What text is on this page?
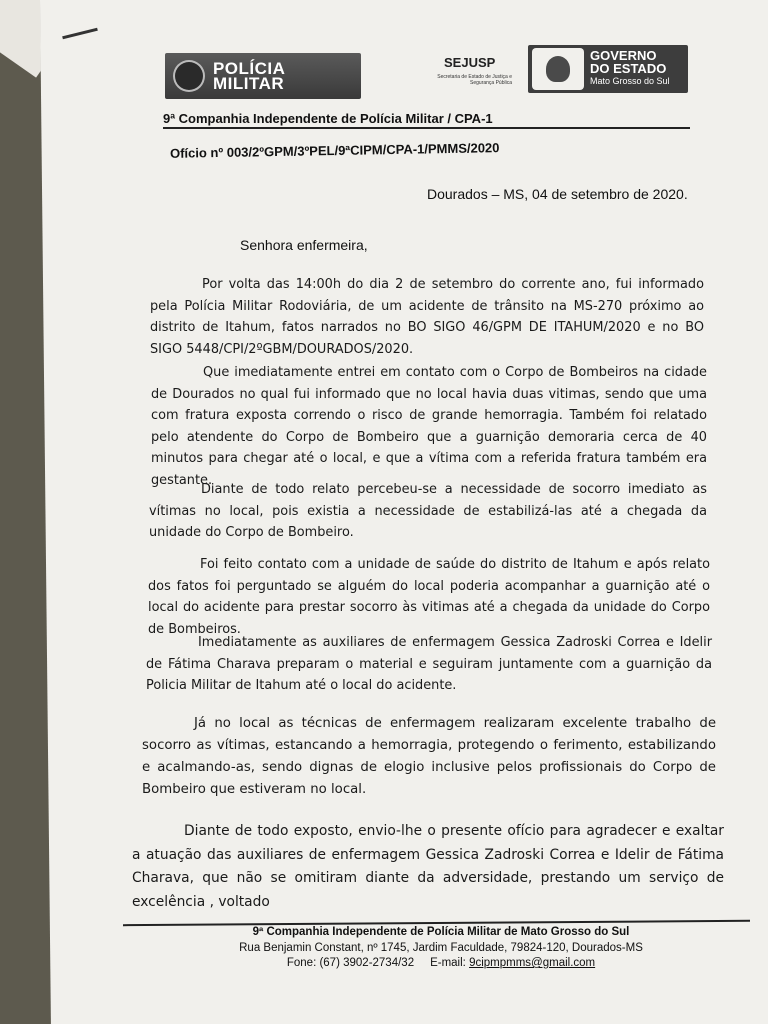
POLÍCIA MILITAR
SEJUSP
Secretaria de Estado de Justiça e Segurança Pública
GOVERNO
DO ESTADO
Mato Grosso do Sul
9ª Companhia Independente de Polícia Militar / CPA-1
Ofício nº 003/2ºGPM/3ºPEL/9ªCIPM/CPA-1/PMMS/2020
Dourados – MS, 04 de setembro de 2020.
Senhora enfermeira,

Por volta das 14:00h do dia 2 de setembro do corrente ano, fui informado pela Polícia Militar Rodoviária, de um acidente de trânsito na MS-270 próximo ao distrito de Itahum, fatos narrados no BO SIGO 46/GPM DE ITAHUM/2020 e no BO SIGO 5448/CPI/2ºGBM/DOURADOS/2020.

Que imediatamente entrei em contato com o Corpo de Bombeiros na cidade de Dourados no qual fui informado que no local havia duas vitimas, sendo que uma com fratura exposta correndo o risco de grande hemorragia. Também foi relatado pelo atendente do Corpo de Bombeiro que a guarnição demoraria cerca de 40 minutos para chegar até o local, e que a vítima com a referida fratura também era gestante.

Diante de todo relato percebeu-se a necessidade de socorro imediato as vítimas no local, pois existia a necessidade de estabilizá-las até a chegada da unidade do Corpo de Bombeiro.

Foi feito contato com a unidade de saúde do distrito de Itahum e após relato dos fatos foi perguntado se alguém do local poderia acompanhar a guarnição até o local do acidente para prestar socorro às vitimas até a chegada da unidade do Corpo de Bombeiros.

Imediatamente as auxiliares de enfermagem Gessica Zadroski Correa e Idelir de Fátima Charava preparam o material e seguiram juntamente com a guarnição da Policia Militar de Itahum até o local do acidente.

Já no local as técnicas de enfermagem realizaram excelente trabalho de socorro as vítimas, estancando a hemorragia, protegendo o ferimento, estabilizando e acalmando-as, sendo dignas de elogio inclusive pelos profissionais do Corpo de Bombeiro que estiveram no local.

Diante de todo exposto, envio-lhe o presente ofício para agradecer e exaltar a atuação das auxiliares de enfermagem Gessica Zadroski Correa e Idelir de Fátima Charava, que não se omitiram diante da adversidade, prestando um serviço de excelência , voltado

9ª Companhia Independente de Polícia Militar de Mato Grosso do Sul
Rua Benjamin Constant, nº 1745, Jardim Faculdade, 79824-120, Dourados-MS
Fone: (67) 3902-2734/32 E-mail: 9cipmpmms@gmail.com
